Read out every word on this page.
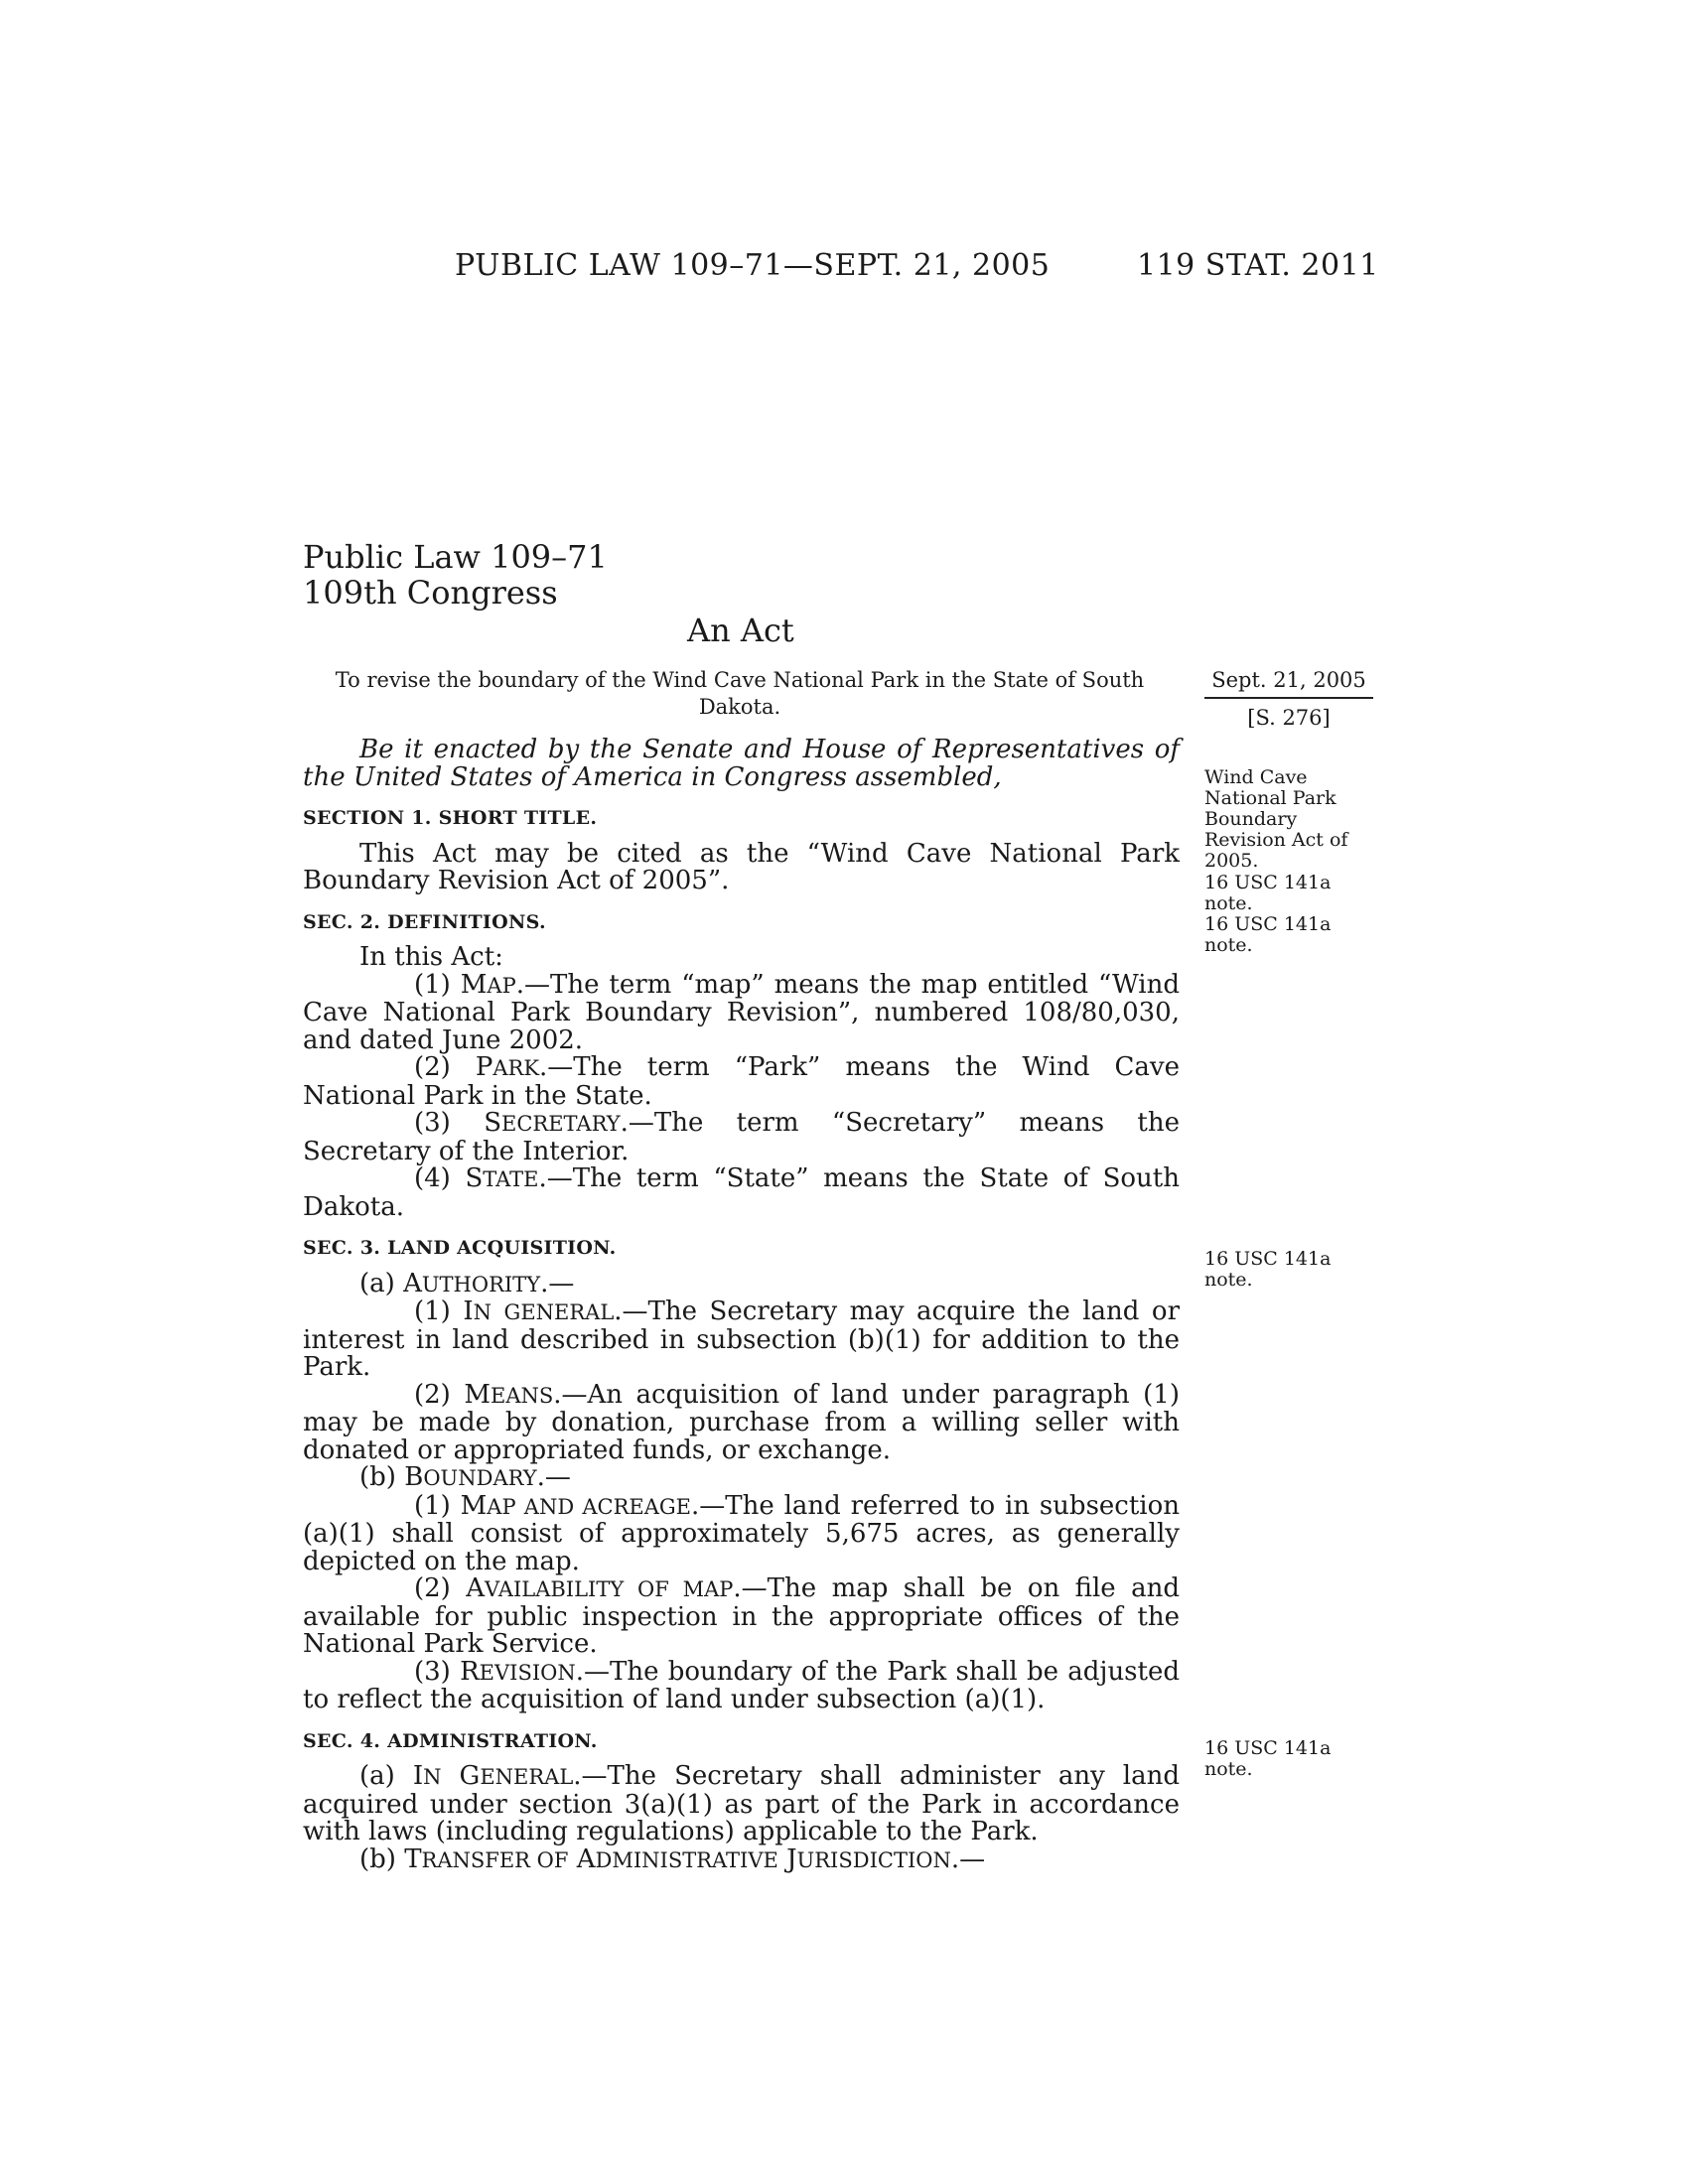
PUBLIC LAW 109–71—SEPT. 21, 2005	119 STAT. 2011
Public Law 109–71
109th Congress
An Act
To revise the boundary of the Wind Cave National Park in the State of South Dakota.
Sept. 21, 2005
[S. 276]
Wind Cave National Park Boundary Revision Act of 2005.
16 USC 141a note.
16 USC 141a note.
16 USC 141a note.
16 USC 141a note.
Be it enacted by the Senate and House of Representatives of the United States of America in Congress assembled,
SECTION 1. SHORT TITLE.
This Act may be cited as the “Wind Cave National Park Boundary Revision Act of 2005”.
SEC. 2. DEFINITIONS.
In this Act:
(1) MAP.—The term “map” means the map entitled “Wind Cave National Park Boundary Revision”, numbered 108/80,030, and dated June 2002.
(2) PARK.—The term “Park” means the Wind Cave National Park in the State.
(3) SECRETARY.—The term “Secretary” means the Secretary of the Interior.
(4) STATE.—The term “State” means the State of South Dakota.
SEC. 3. LAND ACQUISITION.
(a) AUTHORITY.—
(1) IN GENERAL.—The Secretary may acquire the land or interest in land described in subsection (b)(1) for addition to the Park.
(2) MEANS.—An acquisition of land under paragraph (1) may be made by donation, purchase from a willing seller with donated or appropriated funds, or exchange.
(b) BOUNDARY.—
(1) MAP AND ACREAGE.—The land referred to in subsection (a)(1) shall consist of approximately 5,675 acres, as generally depicted on the map.
(2) AVAILABILITY OF MAP.—The map shall be on file and available for public inspection in the appropriate offices of the National Park Service.
(3) REVISION.—The boundary of the Park shall be adjusted to reflect the acquisition of land under subsection (a)(1).
SEC. 4. ADMINISTRATION.
(a) IN GENERAL.—The Secretary shall administer any land acquired under section 3(a)(1) as part of the Park in accordance with laws (including regulations) applicable to the Park.
(b) TRANSFER OF ADMINISTRATIVE JURISDICTION.—
